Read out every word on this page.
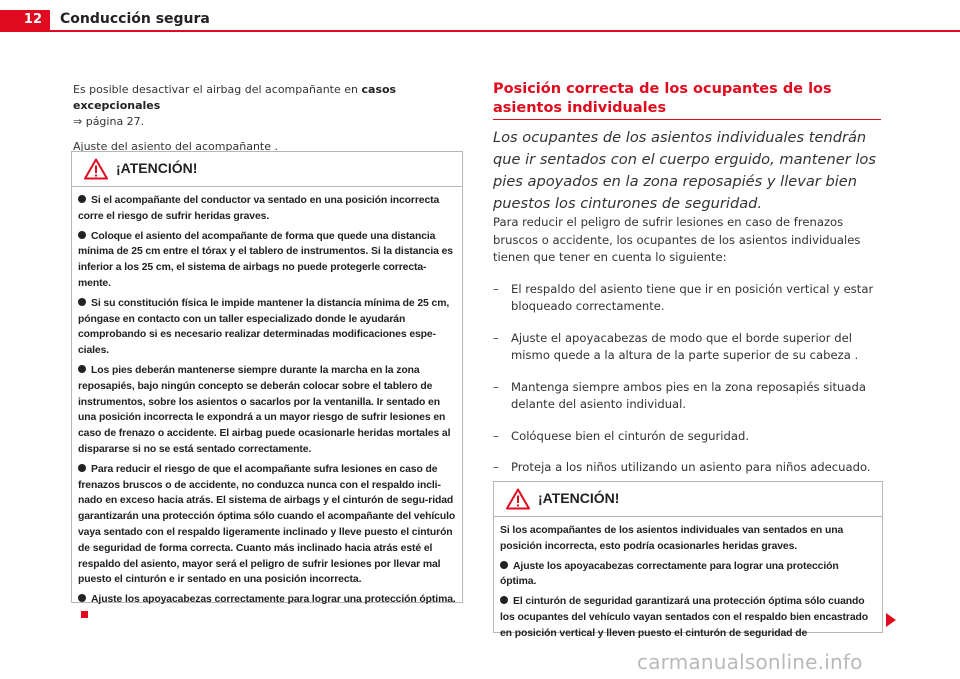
12	Conducción segura

Es posible desactivar el airbag del acompañante en casos excepcionales
⇒ página 27.

Ajuste del asiento del acompañante .

¡ATENCIÓN!
Si el acompañante del conductor va sentado en una posición incorrecta corre el riesgo de sufrir heridas graves.
Coloque el asiento del acompañante de forma que quede una distancia mínima de 25 cm entre el tórax y el tablero de instrumentos. Si la distancia es inferior a los 25 cm, el sistema de airbags no puede protegerle correcta-mente.
Si su constitución física le impide mantener la distancia mínima de 25 cm, póngase en contacto con un taller especializado donde le ayudarán comprobando si es necesario realizar determinadas modificaciones espe-ciales.
Los pies deberán mantenerse siempre durante la marcha en la zona reposapiés, bajo ningún concepto se deberán colocar sobre el tablero de instrumentos, sobre los asientos o sacarlos por la ventanilla. Ir sentado en una posición incorrecta le expondrá a un mayor riesgo de sufrir lesiones en caso de frenazo o accidente. El airbag puede ocasionarle heridas mortales al dispararse si no se está sentado correctamente.
Para reducir el riesgo de que el acompañante sufra lesiones en caso de frenazos bruscos o de accidente, no conduzca nunca con el respaldo incli-nado en exceso hacia atrás. El sistema de airbags y el cinturón de segu-ridad garantizarán una protección óptima sólo cuando el acompañante del vehículo vaya sentado con el respaldo ligeramente inclinado y lleve puesto el cinturón de seguridad de forma correcta. Cuanto más inclinado hacia atrás esté el respaldo del asiento, mayor será el peligro de sufrir lesiones por llevar mal puesto el cinturón e ir sentado en una posición incorrecta.
Ajuste los apoyacabezas correctamente para lograr una protección óptima.
Posición correcta de los ocupantes de los asientos individuales
Los ocupantes de los asientos individuales tendrán que ir sentados con el cuerpo erguido, mantener los pies apoyados en la zona reposapiés y llevar bien puestos los cinturones de seguridad.

Para reducir el peligro de sufrir lesiones en caso de frenazos bruscos o accidente, los ocupantes de los asientos individuales tienen que tener en cuenta lo siguiente:

– El respaldo del asiento tiene que ir en posición vertical y estar bloqueado correctamente.
– Ajuste el apoyacabezas de modo que el borde superior del mismo quede a la altura de la parte superior de su cabeza .
– Mantenga siempre ambos pies en la zona reposapiés situada delante del asiento individual.
– Colóquese bien el cinturón de seguridad.
– Proteja a los niños utilizando un asiento para niños adecuado.
¡ATENCIÓN!
Si los acompañantes de los asientos individuales van sentados en una posición incorrecta, esto podría ocasionarles heridas graves.
Ajuste los apoyacabezas correctamente para lograr una protección óptima.
El cinturón de seguridad garantizará una protección óptima sólo cuando los ocupantes del vehículo vayan sentados con el respaldo bien encastrado en posición vertical y lleven puesto el cinturón de seguridad de
carmanualsonline.info
